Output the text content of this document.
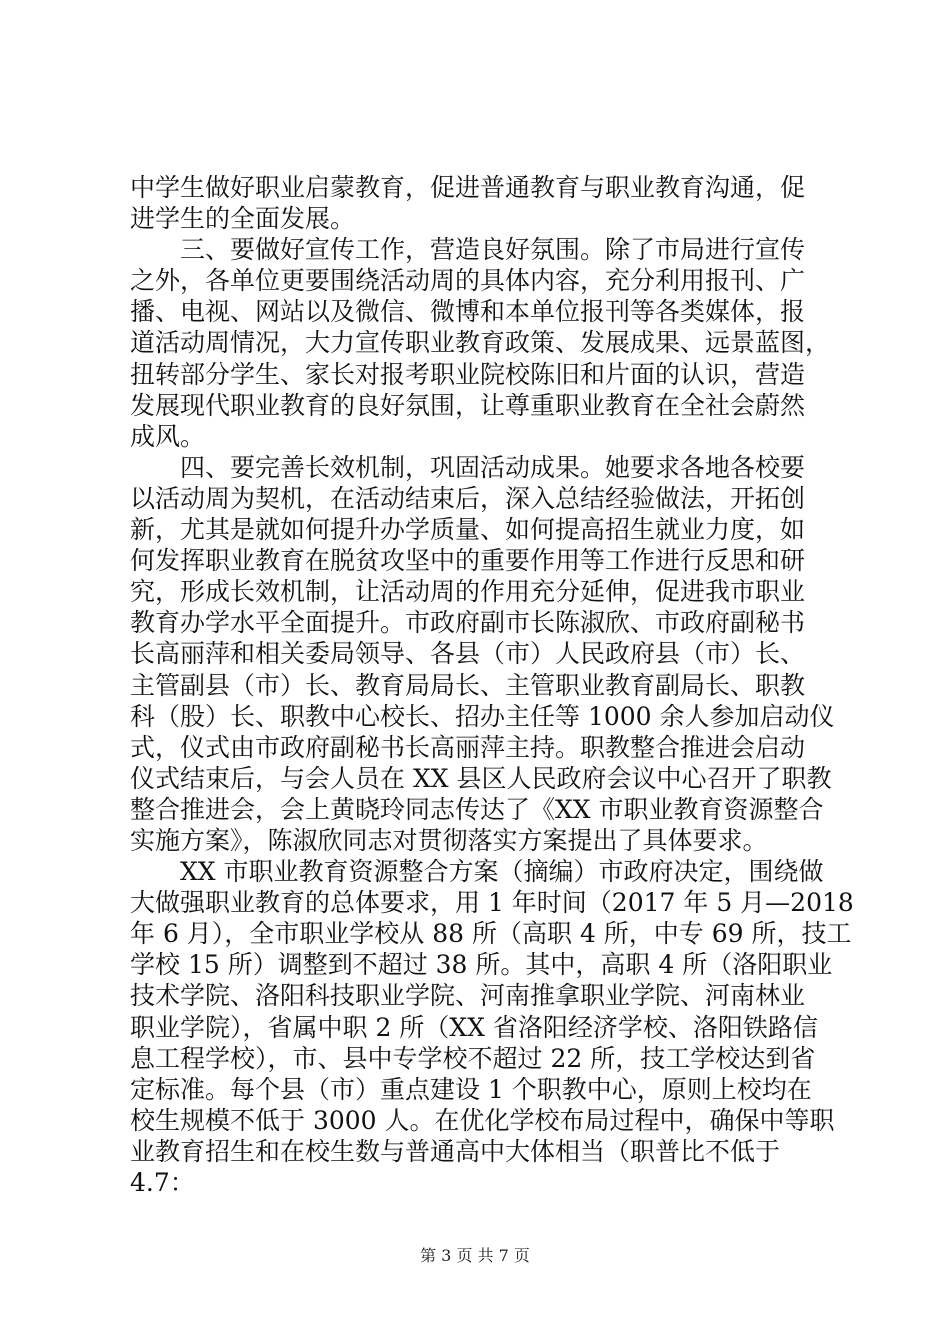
中学生做好职业启蒙教育，促进普通教育与职业教育沟通，促
进学生的全面发展。
三、要做好宣传工作，营造良好氛围。除了市局进行宣传
之外，各单位更要围绕活动周的具体内容，充分利用报刊、广
播、电视、网站以及微信、微博和本单位报刊等各类媒体，报
道活动周情况，大力宣传职业教育政策、发展成果、远景蓝图，
扭转部分学生、家长对报考职业院校陈旧和片面的认识，营造
发展现代职业教育的良好氛围，让尊重职业教育在全社会蔚然
成风。
四、要完善长效机制，巩固活动成果。她要求各地各校要
以活动周为契机，在活动结束后，深入总结经验做法，开拓创
新，尤其是就如何提升办学质量、如何提高招生就业力度，如
何发挥职业教育在脱贫攻坚中的重要作用等工作进行反思和研
究，形成长效机制，让活动周的作用充分延伸，促进我市职业
教育办学水平全面提升。市政府副市长陈淑欣、市政府副秘书
长高丽萍和相关委局领导、各县（市）人民政府县（市）长、
主管副县（市）长、教育局局长、主管职业教育副局长、职教
科（股）长、职教中心校长、招办主任等 1000 余人参加启动仪
式，仪式由市政府副秘书长高丽萍主持。职教整合推进会启动
仪式结束后，与会人员在 XX 县区人民政府会议中心召开了职教
整合推进会，会上黄晓玲同志传达了《XX 市职业教育资源整合
实施方案》，陈淑欣同志对贯彻落实方案提出了具体要求。
XX 市职业教育资源整合方案（摘编）市政府决定，围绕做
大做强职业教育的总体要求，用 1 年时间（2017 年 5 月—2018
年 6 月），全市职业学校从 88 所（高职 4 所，中专 69 所，技工
学校 15 所）调整到不超过 38 所。其中，高职 4 所（洛阳职业
技术学院、洛阳科技职业学院、河南推拿职业学院、河南林业
职业学院），省属中职 2 所（XX 省洛阳经济学校、洛阳铁路信
息工程学校），市、县中专学校不超过 22 所，技工学校达到省
定标准。每个县（市）重点建设 1 个职教中心，原则上校均在
校生规模不低于 3000 人。在优化学校布局过程中，确保中等职
业教育招生和在校生数与普通高中大体相当（职普比不低于
4.7：
第 3 页 共 7 页
